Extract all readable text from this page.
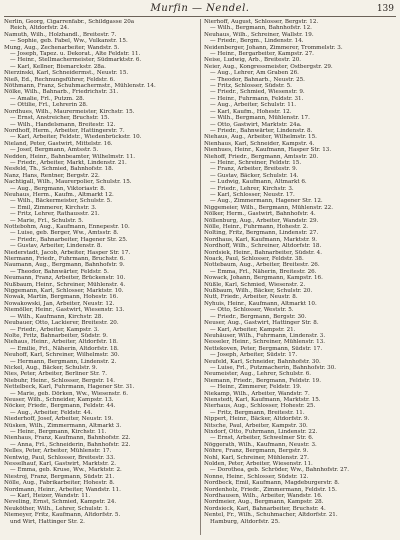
Murfin — Nendel.	139
Nerlin, Georg, Cigarrenfabr., Schildgasse 20a
Reich, Altdorfstr. 24.
Namuth, Wilh., Holzhandl., Breitestr. 7.
— Sophie, geb. Fabel, Ww., Vulkanstr. 15.
Mung, Aug., Zechenarbeiter, Wandstr. 5.
— Joseph, Tapez. u. Dekorat., Alte Feldstr. 11.
— Heinr., Stellmachermeister, Südmarktstr. 6.
— Karl, Kellner, Bismarckstr. 28a.
Nierzinski, Karl, Schneidermst., Neustr. 15.
Nieß, Ed., Rechnungsführer, Feldstr. 6.
Nöthmann, Franz, Schuhmachermstr., Mühlenstr. 14.
Nölke, Wilh., Bahnarb., Friedrichstr. 31.
— Amalie, Frl., Putzm. 28.
— Ottilie, Frl., Lehrerin 28.
Nordhues, Wilh., Maurermeister, Kirchstr. 15.
— Ernst, Anstreicher, Bruchstr. 15.
— Wilh., Handelsmann, Breitestr. 12.
Nordhoff, Herm., Arbeiter, Hattingerstr. 7.
— Karl, Arbeiter, Feldstr., Wiedenbrückstr. 10.
Nieland, Peter, Gastwirt, Mittelstr. 16.
— Josef, Bergmann, Amtsstr. 5.
Nedden, Heinr., Bahnbeamter, Wilhelmstr. 11.
— Friedr., Arbeiter, Markt, Lindenstr. 21.
Nesfeld, Th., Schmied, Bahnhofstr. 18.
Nanz, Hans, Rentner, Bergstr. 22.
Nachtigall, Wilh., Maurerpolier, Schulstr. 15.
— Aug., Bergmann, Viktoriastr. 8.
Neuhaus, Herm., Kaufm., Altmarkt 12.
— Wilh., Bäckermeister, Schulstr. 5.
— Emil, Zimmerer, Kirchstr. 3.
— Fritz, Lehrer, Rathausstr. 21.
— Marie, Frl., Schulstr. 5.
Nottebohm, Aug., Kaufmann, Ennepestr. 10.
— Luise, geb. Berger, Ww., Amtsstr. 8.
— Friedr., Bahnarbeiter, Hagener Str. 25.
— Gustav, Arbeiter, Lindenstr. 8.
Niederstadt, Jacob, Arbeiter, Hasper Str. 17.
Niermann, Friedr., Fuhrmann, Bruchstr. 6.
Naumann, Aug., Bergmann, Bahnhofstr. 9.
— Theodor, Bahnwärter, Feldstr. 5.
Neumann, Franz, Arbeiter, Brückenstr. 10.
Nußbaum, Heinr., Schreiner, Mühlenstr. 4.
Niggemann, Karl, Schlosser, Marktstr. 10.
Nowak, Martin, Bergmann, Hohestr. 16.
Nowakowski, Jan, Arbeiter, Neustr. 12.
Niemöller, Heinr., Gastwirt, Wiesenstr. 13.
— Wilh., Kaufmann, Kirchstr. 28.
Neubauer, Otto, Lackierer, Breitestr. 20.
— Friedr., Arbeiter, Kampstr. 3.
Nolte, Fritz, Bahnarbeiter, Südstr. 9.
Niehaus, Heinr., Arbeiter, Altdorfstr. 18.
— Emilie, Frl., Näherin, Altdorfstr. 18.
Neuhoff, Karl, Schreiner, Wilhelmstr. 30.
— Hermann, Bergmann, Lindenstr. 2.
Nickel, Aug., Bäcker, Schulstr. 9.
Nies, Peter, Arbeiter, Berliner Str. 7.
Niebuhr, Heinr., Schlosser, Bergstr. 14.
Nettelbeck, Karl, Fuhrmann, Hagener Str. 31.
— Marie, geb. Dörken, Ww., Wiesenstr. 6.
Neuser, Wilh., Schneider, Kampstr. 13.
Nöcker, Friedr., Bergmann, Feldstr. 44.
— Aug., Arbeiter, Feldstr. 44.
Niederhoff, Josef, Arbeiter, Neustr. 19.
Nüsken, Wilh., Zimmermann, Altmarkt 3.
— Heinr., Bergmann, Kirchstr. 11.
Nienhaus, Franz, Kaufmann, Bahnhofstr. 22.
— Anna, Frl., Schneiderin, Bahnhofstr. 22.
Nelles, Peter, Arbeiter, Mühlenstr. 17.
Nentwig, Paul, Schlosser, Breitestr. 33.
Nesselhauf, Karl, Gastwirt, Marktstr. 2.
— Emma, geb. Kruse, Ww., Marktstr. 2.
Niestroj, Franz, Bergmann, Südstr. 21.
Nölle, Aug., Fabrikarbeiter, Hohestr. 8.
Nordmann, Heinr., Arbeiter, Wandstr. 11.
— Karl, Heizer, Wandstr. 11.
Neveling, Ernst, Schmied, Kampstr. 24.
Neuköther, Wilh., Lehrer, Schulstr. 1.
Niemeyer, Fritz, Kaufmann, Altdorfstr. 5.
und Wirt, Hattinger Str. 2.
Nierhoff, August, Schlosser, Bergstr. 12.
— Wilh., Bergmann, Bahnhofstr. 12.
Neuhaus, Wilh., Schreiner, Wallstr. 19.
— Friedr., Bergm., Lindenstr. 14.
Neidenberger, Johann, Zimmerer, Trommelstr. 3.
— Heinr., Bergarbeiter, Kampstr. 27.
Neise, Ludwig, Arb., Breitestr. 20.
Neier, Aug., Kongressmeister, Ostbergstr. 29.
— Aug., Lehrer, Am Graben 26.
— Theodor, Bahnarb., Neustr. 25.
— Fritz, Schlosser, Südstr. 5.
— Friedr., Schmied, Wiesenstr. 9.
— Heinr., Fuhrmann, Feldstr. 31.
— Aug., Arbeiter, Schulstr. 11.
— Karl, Kaufm., Hohestr. 12.
— Wilh., Bergmann, Mühlenstr. 17.
— Otto, Gastwirt, Marktstr. 24a.
— Friedr., Bahnwärter, Lindenstr. 8.
Niehaus, Aug., Arbeiter, Wilhelmstr. 15.
Nienhaus, Karl, Schneider, Kampstr. 4.
Nienhues, Heinr., Kaufmann, Hasper Str. 13.
Niehoff, Friedr., Bergmann, Amtsstr. 20.
— Heinr., Schreiner, Feldstr. 15.
— Franz, Arbeiter, Breitestr. 9.
— Gustav, Bäcker, Schulstr. 14.
— Ludwig, Kaufmann, Altmarkt 6.
— Friedr., Lehrer, Kirchstr. 3.
— Karl, Schlosser, Neustr. 17.
— Aug., Zimmermann, Hagener Str. 12.
Niggemeier, Wilh., Bergmann, Mühlenstr. 22.
Nölker, Herm., Gastwirt, Bahnhofstr. 4.
Nöllenburg, Aug., Arbeiter, Wandstr. 29.
Nölle, Heinr., Fuhrmann, Hohestr. 2.
Nolting, Fritz, Bergmann, Lindenstr. 27.
Nordhaus, Karl, Kaufmann, Marktstr. 9.
Nordhoff, Wilh., Schreiner, Altdorfstr. 18.
Nordsiek, Heinr., Bahnarbeiter, Südstr. 4.
Noack, Paul, Schlosser, Feldstr. 38.
Nottebaum, Aug., Arbeiter, Breitestr. 26.
— Emma, Frl., Näherin, Breitestr. 26.
Nowack, Johann, Bergmann, Kampstr. 16.
Nüßle, Karl, Schmied, Wiesenstr. 2.
Nußbaum, Wilh., Bäcker, Schulstr. 20.
Nutt, Friedr., Arbeiter, Neustr. 8.
Nyhuis, Heinr., Kaufmann, Altmarkt 10.
— Otto, Schlosser, Weststr. 5.
— Friedr., Bergmann, Bergstr. 30.
Neuser, Aug., Gastwirt, Hattinger Str. 8.
— Karl, Arbeiter, Kampstr. 21.
Neuhäuser, Wilh., Fuhrmann, Lindenstr. 3.
Nesseler, Heinr., Schreiner, Mühlenstr. 13.
Nettekoven, Peter, Bergmann, Südstr. 17.
— Joseph, Arbeiter, Südstr. 17.
Neufeld, Karl, Schneider, Bahnhofstr. 30.
— Luise, Frl., Putzmacherin, Bahnhofstr. 30.
Neumeister, Aug., Lehrer, Schulstr. 6.
Niemann, Friedr., Bergmann, Feldstr. 19.
— Heinr., Zimmerer, Feldstr. 19.
Niekamp, Wilh., Arbeiter, Wandstr. 7.
Nienstedt, Karl, Kaufmann, Marktstr. 15.
Nierhaus, Aug., Schlosser, Hohestr. 25.
— Fritz, Bergmann, Breitestr. 11.
Nippert, Heinr., Bäcker, Altdorfstr. 9.
Nitsche, Paul, Arbeiter, Kampstr. 30.
Nixdorf, Otto, Fuhrmann, Lindenstr. 22.
— Ernst, Arbeiter, Schwelmer Str. 6.
Nöggerath, Wilh., Kaufmann, Neustr. 3.
Nöhre, Franz, Bergmann, Bergstr. 9.
Nohl, Karl, Schreiner, Mühlenstr. 27.
Nolden, Peter, Arbeiter, Wiesenstr. 11.
— Dorothea, geb. Schröder, Ww., Bahnhofstr. 27.
Nonne, Heinr., Schlosser, Südstr. 12.
Nordbeck, Emil, Kaufmann, Magdeburgerstr. 8.
Nordenholz, Friedr., Zimmermann, Feldstr. 15.
Nordhausen, Wilh., Arbeiter, Wandstr. 16.
Nordmeier, Aug., Bergmann, Kampstr. 28.
Nordsieck, Karl, Bahnarbeiter, Bruchstr. 4.
Nentel, Fr., Wilh., Schuhmacher, Altdorfstr. 21.
Hamburg, Altdorfstr. 25.
